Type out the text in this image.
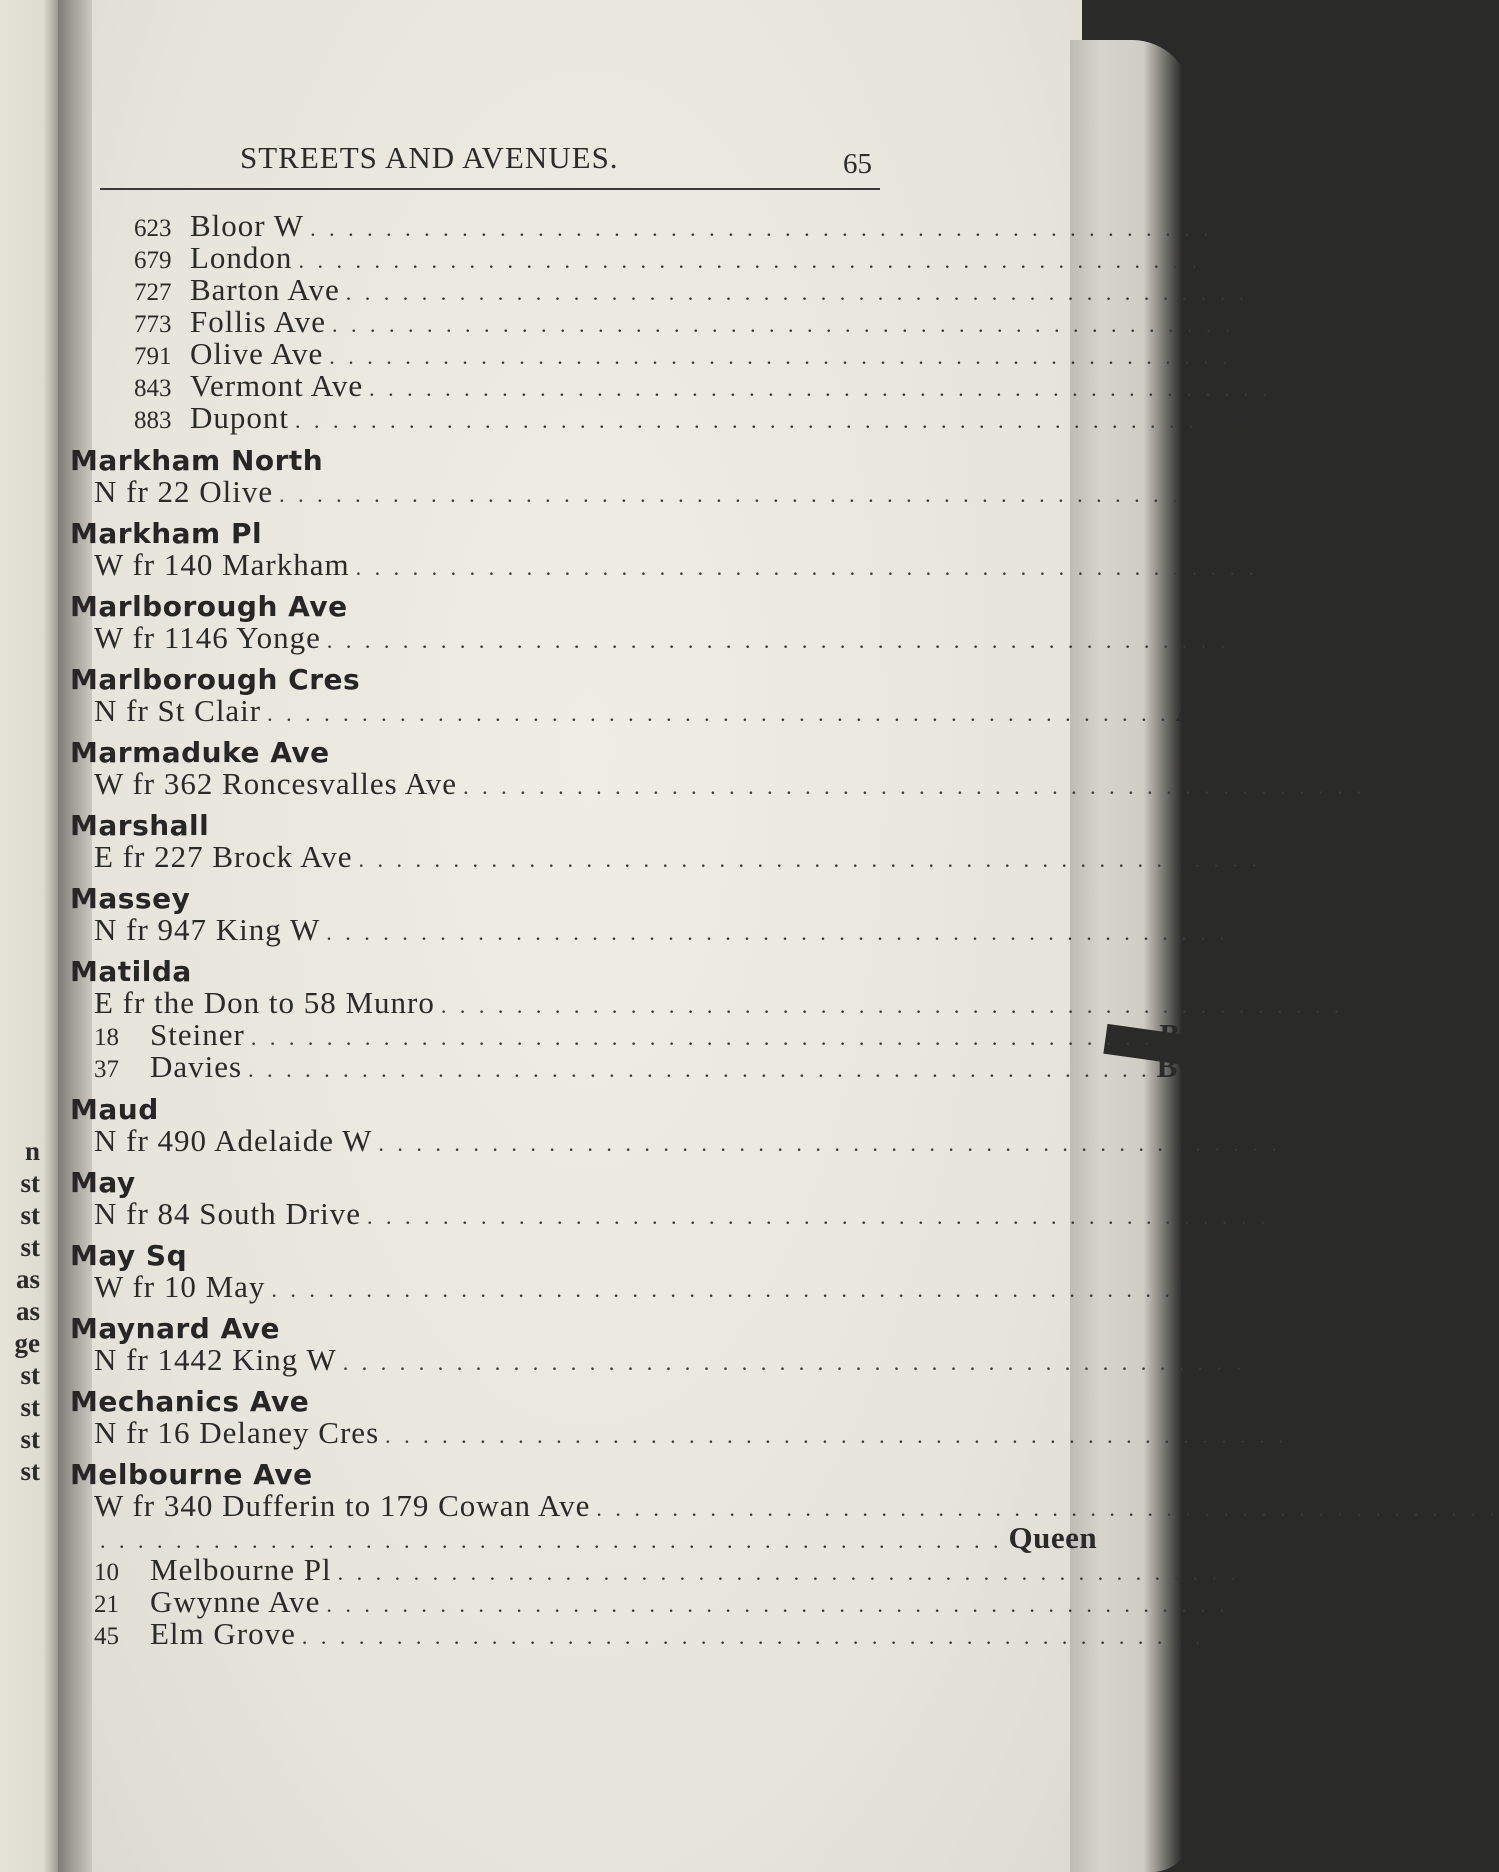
n
st
st
st
as
as
ge
st
st
st
st
STREETS AND AVENUES.	65
623 Bloor W . . . . . . . . . . . . . . . . . . . . . . . . . . . . . . . . . . . . . . . . . . . . . . . . Bathurst
679 London . . . . . . . . . . . . . . . . . . . . . . . . . . . . . . . . . . . . . . . . . . . . . . . . Bathurst
727 Barton Ave . . . . . . . . . . . . . . . . . . . . . . . . . . . . . . . . . . . . . . . . . . . . . . . . Bathurst
773 Follis Ave . . . . . . . . . . . . . . . . . . . . . . . . . . . . . . . . . . . . . . . . . . . . . . . . Bathurst
791 Olive Ave . . . . . . . . . . . . . . . . . . . . . . . . . . . . . . . . . . . . . . . . . . . . . . . . Bathurst
843 Vermont Ave . . . . . . . . . . . . . . . . . . . . . . . . . . . . . . . . . . . . . . . . . . . . . . . . Bathurst
883 Dupont . . . . . . . . . . . . . . . . . . . . . . . . . . . . . . . . . . . . . . . . . . . . . . . . Bathurst
Markham North
N fr 22 Olive . . . . . . . . . . . . . . . . . . . . . . . . . . . . . . . . . . . . . . . . . . . . . . . . Bathurst
Markham Pl
W fr 140 Markham . . . . . . . . . . . . . . . . . . . . . . . . . . . . . . . . . . . . . . . . . . . . . . . . Dundas
Marlborough Ave
W fr 1146 Yonge . . . . . . . . . . . . . . . . . . . . . . . . . . . . . . . . . . . . . . . . . . . . . . . . Yonge
Marlborough Cres
N fr St Clair . . . . . . . . . . . . . . . . . . . . . . . . . . . . . . . . . . . . . . . . . . . . . . . . Av Rd
Marmaduke Ave
W fr 362 Roncesvalles Ave . . . . . . . . . . . . . . . . . . . . . . . . . . . . . . . . . . . . . . . . . . . . . . . . Ron
Marshall
E fr 227 Brock Ave . . . . . . . . . . . . . . . . . . . . . . . . . . . . . . . . . . . . . . . . . . . . . . . . Dundas
Massey
N fr 947 King W . . . . . . . . . . . . . . . . . . . . . . . . . . . . . . . . . . . . . . . . . . . . . . . . King
Matilda
E fr the Don to 58 Munro . . . . . . . . . . . . . . . . . . . . . . . . . . . . . . . . . . . . . . . . . . . . . . . . Bvw
18	Steiner . . . . . . . . . . . . . . . . . . . . . . . . . . . . . . . . . . . . . . . . . . . . . . . . Bvw
37	Davies . . . . . . . . . . . . . . . . . . . . . . . . . . . . . . . . . . . . . . . . . . . . . . . . Bvw
Maud
N fr 490 Adelaide W . . . . . . . . . . . . . . . . . . . . . . . . . . . . . . . . . . . . . . . . . . . . . . . . Queen
May
N fr 84 South Drive . . . . . . . . . . . . . . . . . . . . . . . . . . . . . . . . . . . . . . . . . . . . . . . . Church
May Sq
W fr 10 May . . . . . . . . . . . . . . . . . . . . . . . . . . . . . . . . . . . . . . . . . . . . . . . . Church
Maynard Ave
N fr 1442 King W . . . . . . . . . . . . . . . . . . . . . . . . . . . . . . . . . . . . . . . . . . . . . . . . King
Mechanics Ave
N fr 16 Delaney Cres . . . . . . . . . . . . . . . . . . . . . . . . . . . . . . . . . . . . . . . . . . . . . . . . Dundas
Melbourne Ave
W fr 340 Dufferin to 179 Cowan Ave . . . . . . . . . . . . . . . . . . . . . . . . . . . . . . . . . . . . . . . . . . . . . . . .
. . . . . . . . . . . . . . . . . . . . . . . . . . . . . . . . . . . . . . . . . . . . . . . . Queen
10	Melbourne Pl . . . . . . . . . . . . . . . . . . . . . . . . . . . . . . . . . . . . . . . . . . . . . . . . Queen
21	Gwynne Ave . . . . . . . . . . . . . . . . . . . . . . . . . . . . . . . . . . . . . . . . . . . . . . . . Queen
45	Elm Grove . . . . . . . . . . . . . . . . . . . . . . . . . . . . . . . . . . . . . . . . . . . . . . . . Queen
